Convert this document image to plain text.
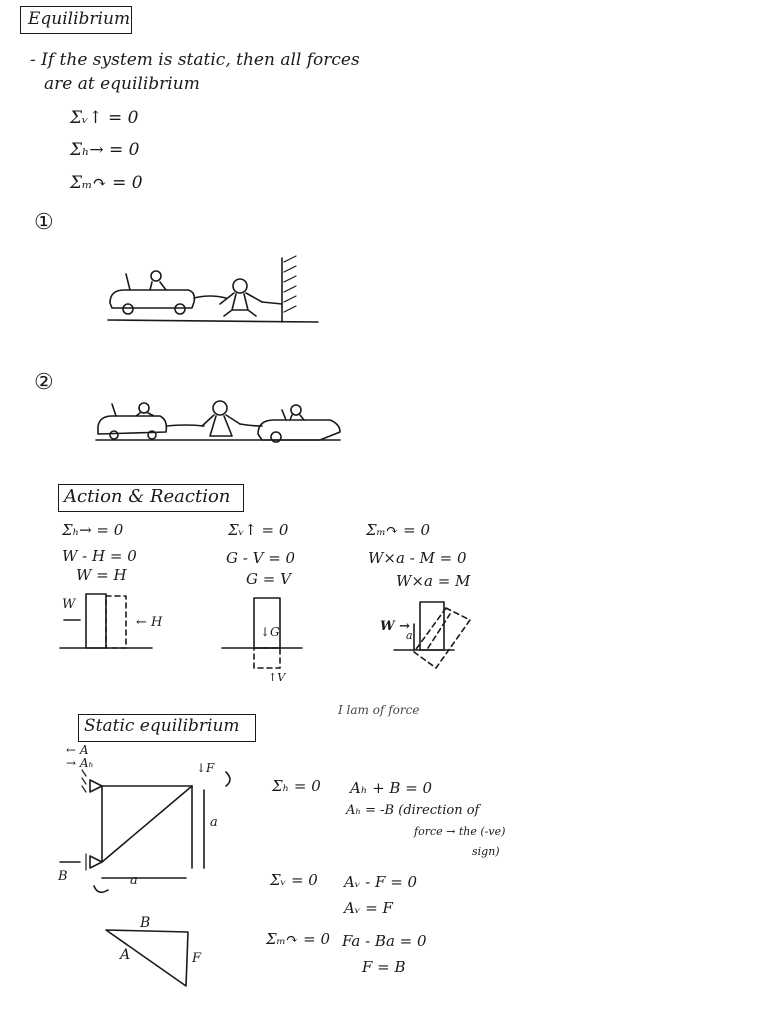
Equilibrium
- If the system is static, then all forces
are at equilibrium
Σᵥ↑ = 0
Σₕ→ = 0
Σₘ↷ = 0
①
②
Action & Reaction
Σₕ→ = 0
W - H = 0
W = H
W
← H
Σᵥ↑ = 0
G - V = 0
G = V
↓G
↑V
Σₘ↷ = 0
W×a - M = 0
W×a = M
W →
a
I lam of force
Static equilibrium
← A
→ Aₕ	↓F
a
a
B
Σₕ = 0 Aₕ + B = 0
Aₕ = -B (direction of
force → the (-ve)
sign)
Σᵥ = 0 Aᵥ - F = 0
Aᵥ = F
Σₘ↷ = 0 Fa - Ba = 0
F = B
B
A	F
